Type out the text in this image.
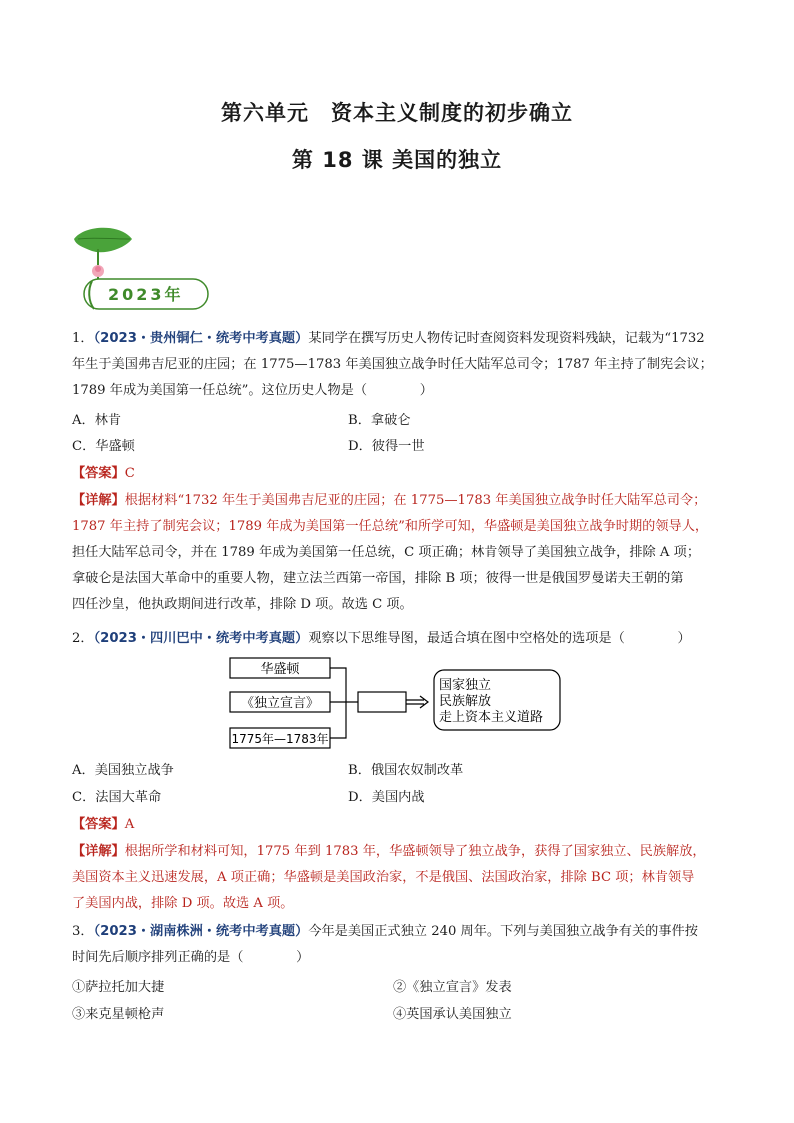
第六单元　资本主义制度的初步确立
第 18 课 美国的独立
2023年
1．（2023・贵州铜仁・统考中考真题）某同学在撰写历史人物传记时查阅资料发现资料残缺，记载为“1732
年生于美国弗吉尼亚的庄园；在 1775—1783 年美国独立战争时任大陆军总司令；1787 年主持了制宪会议；
1789 年成为美国第一任总统”。这位历史人物是（　　　　）
A．林肯	B．拿破仑
C．华盛顿	D．彼得一世
【答案】C
【详解】根据材料“1732 年生于美国弗吉尼亚的庄园；在 1775—1783 年美国独立战争时任大陆军总司令；
1787 年主持了制宪会议；1789 年成为美国第一任总统”和所学可知，华盛顿是美国独立战争时期的领导人，
担任大陆军总司令，并在 1789 年成为美国第一任总统，C 项正确；林肯领导了美国独立战争，排除 A 项；
拿破仑是法国大革命中的重要人物，建立法兰西第一帝国，排除 B 项；彼得一世是俄国罗曼诺夫王朝的第
四任沙皇，他执政期间进行改革，排除 D 项。故选 C 项。
2．（2023・四川巴中・统考中考真题）观察以下思维导图，最适合填在图中空格处的选项是（　　　　）
华盛顿
《独立宣言》
1775年—1783年
国家独立
民族解放
走上资本主义道路
A．美国独立战争	B．俄国农奴制改革
C．法国大革命	D．美国内战
【答案】A
【详解】根据所学和材料可知，1775 年到 1783 年，华盛顿领导了独立战争，获得了国家独立、民族解放，
美国资本主义迅速发展，A 项正确；华盛顿是美国政治家，不是俄国、法国政治家，排除 BC 项；林肯领导
了美国内战，排除 D 项。故选 A 项。
3．（2023・湖南株洲・统考中考真题）今年是美国正式独立 240 周年。下列与美国独立战争有关的事件按
时间先后顺序排列正确的是（　　　　）
①萨拉托加大捷	②《独立宣言》发表
③来克星顿枪声	④英国承认美国独立
